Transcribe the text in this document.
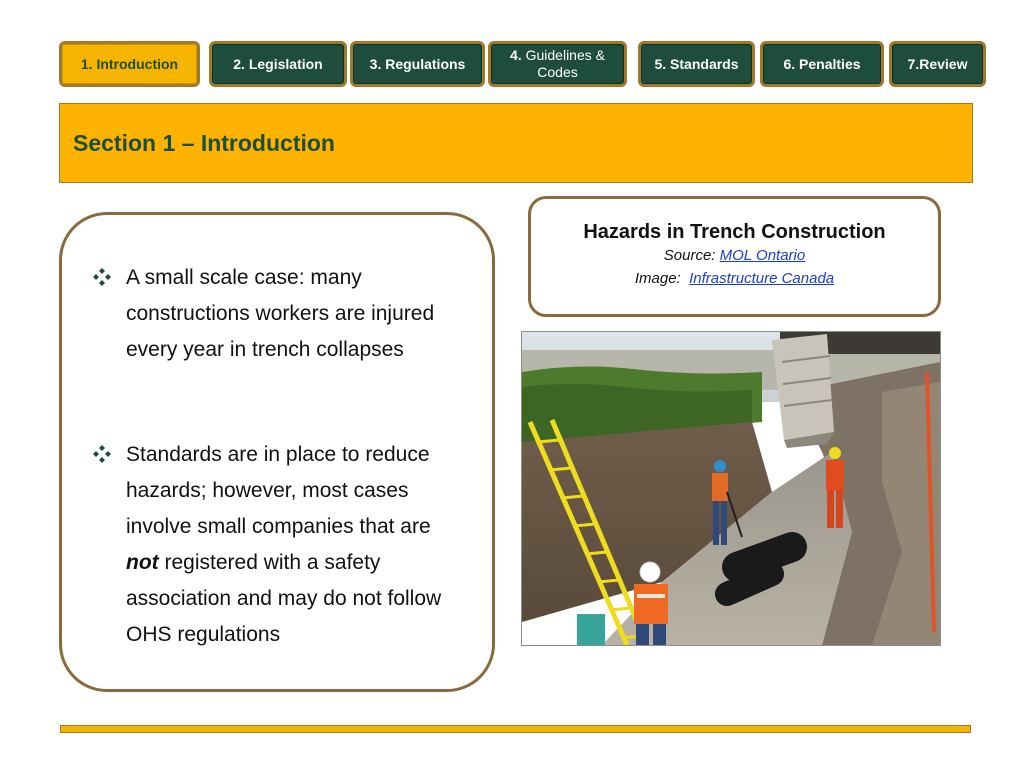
1. Introduction	2. Legislation	3. Regulations
4. Guidelines &
Codes
5. Standards	6. Penalties	7.Review
Section 1 – Introduction
A small scale case: many constructions workers are injured every year in trench collapses
Standards are in place to reduce hazards; however, most cases involve small companies that are not registered with a safety association and may do not follow OHS regulations
Hazards in Trench Construction
Source: MOL Ontario
Image: Infrastructure Canada
